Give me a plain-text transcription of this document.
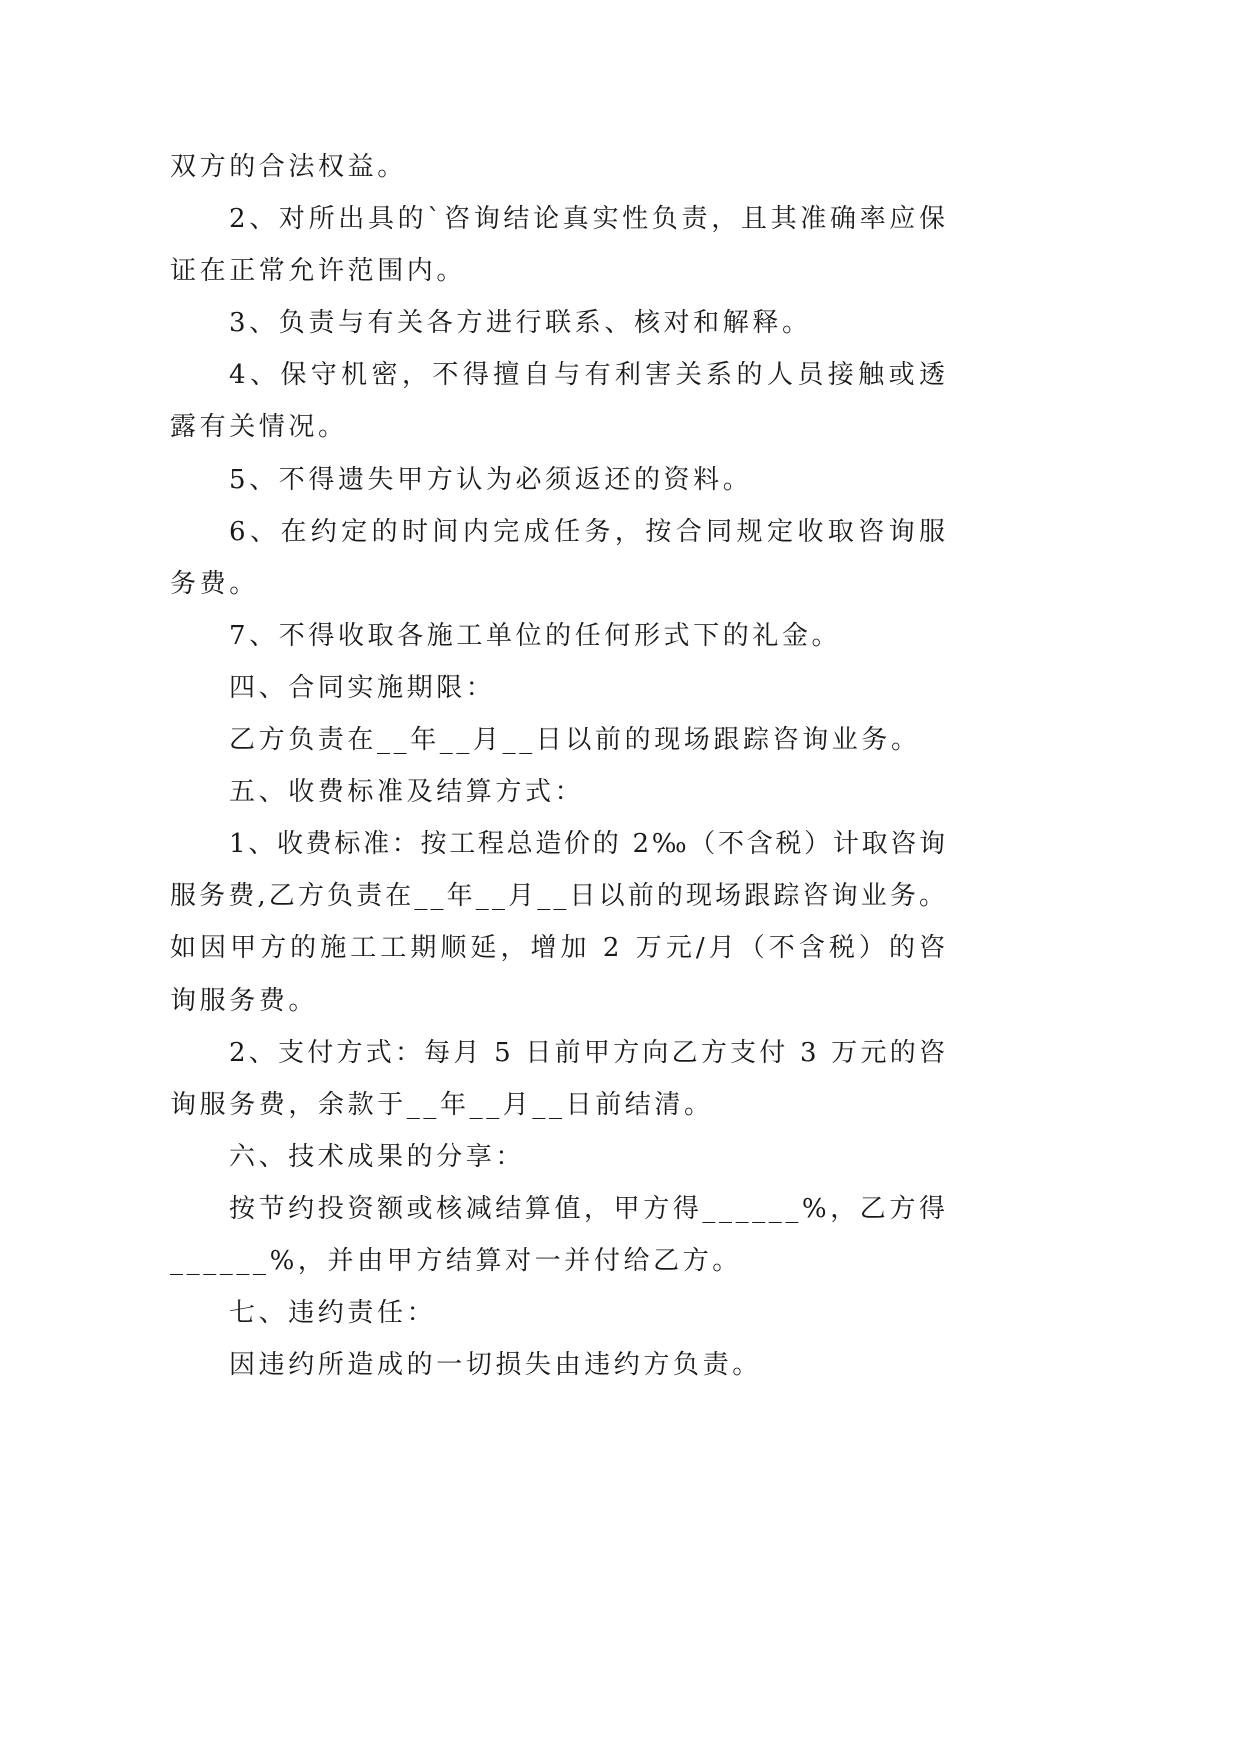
双方的合法权益。
2、对所出具的`咨询结论真实性负责，且其准确率应保
证在正常允许范围内。
3、负责与有关各方进行联系、核对和解释。
4、保守机密，不得擅自与有利害关系的人员接触或透
露有关情况。
5、不得遗失甲方认为必须返还的资料。
6、在约定的时间内完成任务，按合同规定收取咨询服
务费。
7、不得收取各施工单位的任何形式下的礼金。
四、合同实施期限：
乙方负责在__年__月__日以前的现场跟踪咨询业务。
五、收费标准及结算方式：
1、收费标准：按工程总造价的 2‰（不含税）计取咨询
服务费,乙方负责在__年__月__日以前的现场跟踪咨询业务。
如因甲方的施工工期顺延，增加 2 万元/月（不含税）的咨
询服务费。
2、支付方式：每月 5 日前甲方向乙方支付 3 万元的咨
询服务费，余款于__年__月__日前结清。
六、技术成果的分享：
按节约投资额或核减结算值，甲方得______%，乙方得
______%，并由甲方结算对一并付给乙方。
七、违约责任：
因违约所造成的一切损失由违约方负责。
